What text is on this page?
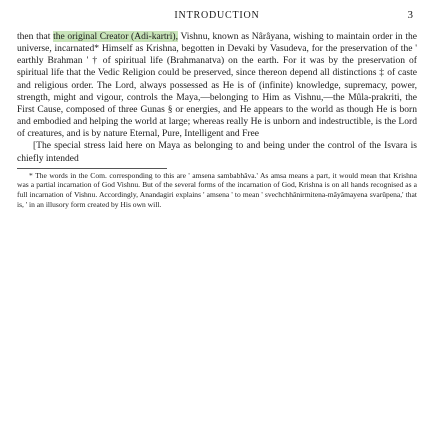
INTRODUCTION	3

then that the original Creator (Adi-kartri), Vishnu, known as Nârâyana, wishing to maintain order in the universe, incarnated* Himself as Krishna, begotten in Devaki by Vasudeva, for the preservation of the ' earthly Brahman ' † of spiritual life (Brahmanatva) on the earth. For it was by the preservation of spiritual life that the Vedic Religion could be preserved, since thereon depend all distinctions ‡ of caste and religious order. The Lord, always possessed as He is of (infinite) knowledge, supremacy, power, strength, might and vigour, controls the Maya,—belonging to Him as Vishnu,—the Mûla-prakriti, the First Cause, composed of three Gunas § or energies, and He appears to the world as though He is born and embodied and helping the world at large; whereas really He is unborn and indestructible, is the Lord of creatures, and is by nature Eternal, Pure, Intelligent and Free

[The special stress laid here on Maya as belonging to and being under the control of the Isvara is chiefly intended

* The words in the Com. corresponding to this are ' amsena sambabhâva.' As amsa means a part, it would mean that Krishna was a partial incarnation of God Vishnu. But of the several forms of the incarnation of God, Krishna is on all hands recognised as a full incarnation of Vishnu. Accordingly, Anandagiri explains ' amsena ' to mean ' svechchhânirmitena-mâyâmayena svarûpena,' that is, ' in an illusory form created by His own will.
